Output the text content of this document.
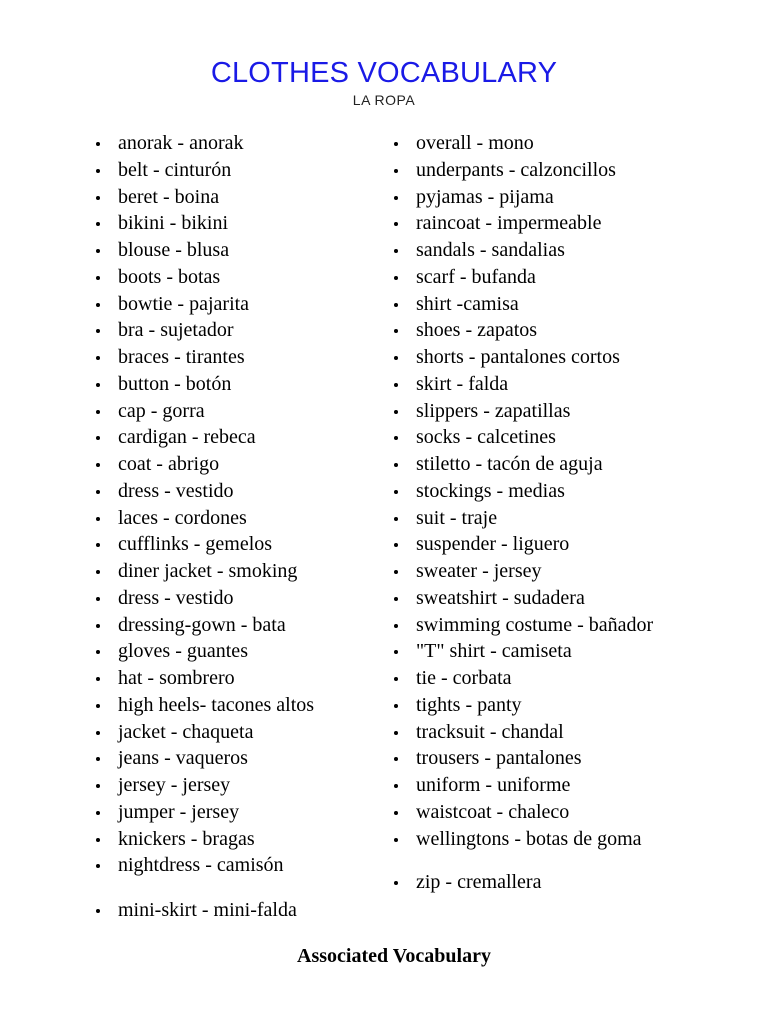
CLOTHES VOCABULARY
LA ROPA
anorak - anorak
belt - cinturón
beret - boina
bikini - bikini
blouse - blusa
boots - botas
bowtie - pajarita
bra - sujetador
braces - tirantes
button - botón
cap - gorra
cardigan - rebeca
coat - abrigo
dress - vestido
laces - cordones
cufflinks - gemelos
diner jacket - smoking
dress - vestido
dressing-gown - bata
gloves - guantes
hat - sombrero
high heels- tacones altos
jacket - chaqueta
jeans - vaqueros
jersey - jersey
jumper - jersey
knickers - bragas
nightdress - camisón
overall - mono
underpants - calzoncillos
pyjamas - pijama
raincoat - impermeable
sandals - sandalias
scarf - bufanda
shirt -camisa
shoes - zapatos
shorts - pantalones cortos
skirt - falda
slippers - zapatillas
socks - calcetines
stiletto - tacón de aguja
stockings - medias
suit - traje
suspender - liguero
sweater - jersey
sweatshirt - sudadera
swimming costume - bañador
"T" shirt - camiseta
tie - corbata
tights - panty
tracksuit - chandal
trousers - pantalones
uniform - uniforme
waistcoat - chaleco
wellingtons - botas de goma
mini-skirt - mini-falda
zip - cremallera
Associated Vocabulary
